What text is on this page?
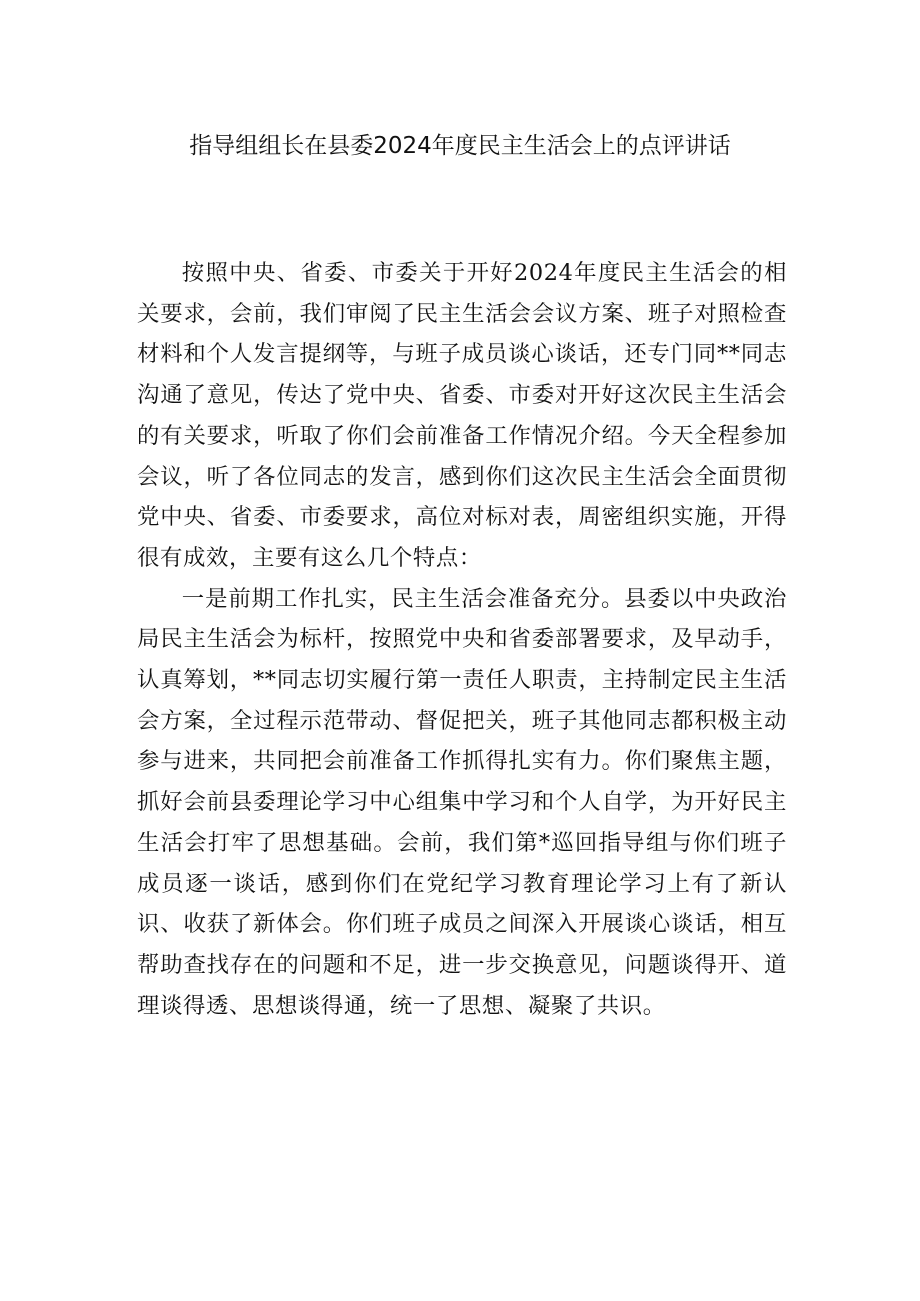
指导组组长在县委2024年度民主生活会上的点评讲话

按照中央、省委、市委关于开好2024年度民主生活会的相关要求，会前，我们审阅了民主生活会会议方案、班子对照检查材料和个人发言提纲等，与班子成员谈心谈话，还专门同**同志沟通了意见，传达了党中央、省委、市委对开好这次民主生活会的有关要求，听取了你们会前准备工作情况介绍。今天全程参加会议，听了各位同志的发言，感到你们这次民主生活会全面贯彻党中央、省委、市委要求，高位对标对表，周密组织实施，开得很有成效，主要有这么几个特点：

一是前期工作扎实，民主生活会准备充分。县委以中央政治局民主生活会为标杆，按照党中央和省委部署要求，及早动手，认真筹划，**同志切实履行第一责任人职责，主持制定民主生活会方案，全过程示范带动、督促把关，班子其他同志都积极主动参与进来，共同把会前准备工作抓得扎实有力。你们聚焦主题，抓好会前县委理论学习中心组集中学习和个人自学，为开好民主生活会打牢了思想基础。会前，我们第*巡回指导组与你们班子成员逐一谈话，感到你们在党纪学习教育理论学习上有了新认识、收获了新体会。你们班子成员之间深入开展谈心谈话，相互帮助查找存在的问题和不足，进一步交换意见，问题谈得开、道理谈得透、思想谈得通，统一了思想、凝聚了共识。
